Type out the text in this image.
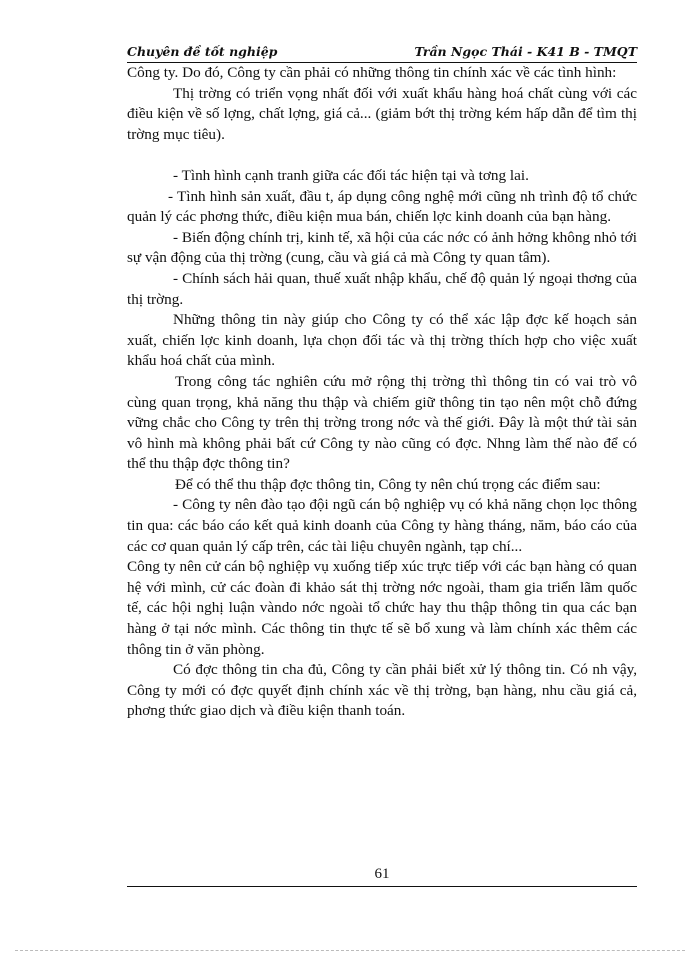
Chuyên đề tốt nghiệp	Trần Ngọc Thái - K41 B - TMQT

Công ty. Do đó, Công ty cần phải có những thông tin chính xác về các tình hình:

Thị trờng có triển vọng nhất đối với xuất khẩu hàng hoá chất cùng với các điều kiện về số lợng, chất lợng, giá cả... (giảm bớt thị trờng kém hấp dẫn để tìm thị trờng mục tiêu).

- Tình hình cạnh tranh giữa các đối tác hiện tại và tơng lai.

- Tình hình sản xuất, đầu t, áp dụng công nghệ mới cũng nh trình độ tổ chức quản lý các phơng thức, điều kiện mua bán, chiến lợc kinh doanh của bạn hàng.

- Biến động chính trị, kinh tế, xã hội của các nớc có ảnh hởng không nhỏ tới sự vận động của thị trờng (cung, cầu và giá cả mà Công ty quan tâm).

- Chính sách hải quan, thuế xuất nhập khẩu, chế độ quản lý ngoại thơng của thị trờng.

Những thông tin này giúp cho Công ty có thể xác lập đợc kế hoạch sản xuất, chiến lợc kinh doanh, lựa chọn đối tác và thị trờng thích hợp cho việc xuất khẩu hoá chất của mình.

Trong công tác nghiên cứu mở rộng thị trờng thì thông tin có vai trò vô cùng quan trọng, khả năng thu thập và chiếm giữ thông tin tạo nên một chỗ đứng vững chắc cho Công ty trên thị trờng trong nớc và thế giới. Đây là một thứ tài sản vô hình mà không phải bất cứ Công ty nào cũng có đợc. Nhng làm thế nào để có thể thu thập đợc thông tin?

Để có thể thu thập đợc thông tin, Công ty nên chú trọng các điểm sau:

- Công ty nên đào tạo đội ngũ cán bộ nghiệp vụ có khả năng chọn lọc thông tin qua: các báo cáo kết quả kinh doanh của Công ty hàng tháng, năm, báo cáo của các cơ quan quản lý cấp trên, các tài liệu chuyên ngành, tạp chí...

Công ty nên cử cán bộ nghiệp vụ xuống tiếp xúc trực tiếp với các bạn hàng có quan hệ với mình, cử các đoàn đi khảo sát thị trờng nớc ngoài, tham gia triển lãm quốc tế, các hội nghị luận vàndo nớc ngoài tổ chức hay thu thập thông tin qua các bạn hàng ở tại nớc mình. Các thông tin thực tế sẽ bổ xung và làm chính xác thêm các thông tin ở văn phòng.

Có đợc thông tin cha đủ, Công ty cần phải biết xử lý thông tin. Có nh vậy, Công ty mới có đợc quyết định chính xác về thị trờng, bạn hàng, nhu cầu giá cả, phơng thức giao dịch và điều kiện thanh toán.

61
